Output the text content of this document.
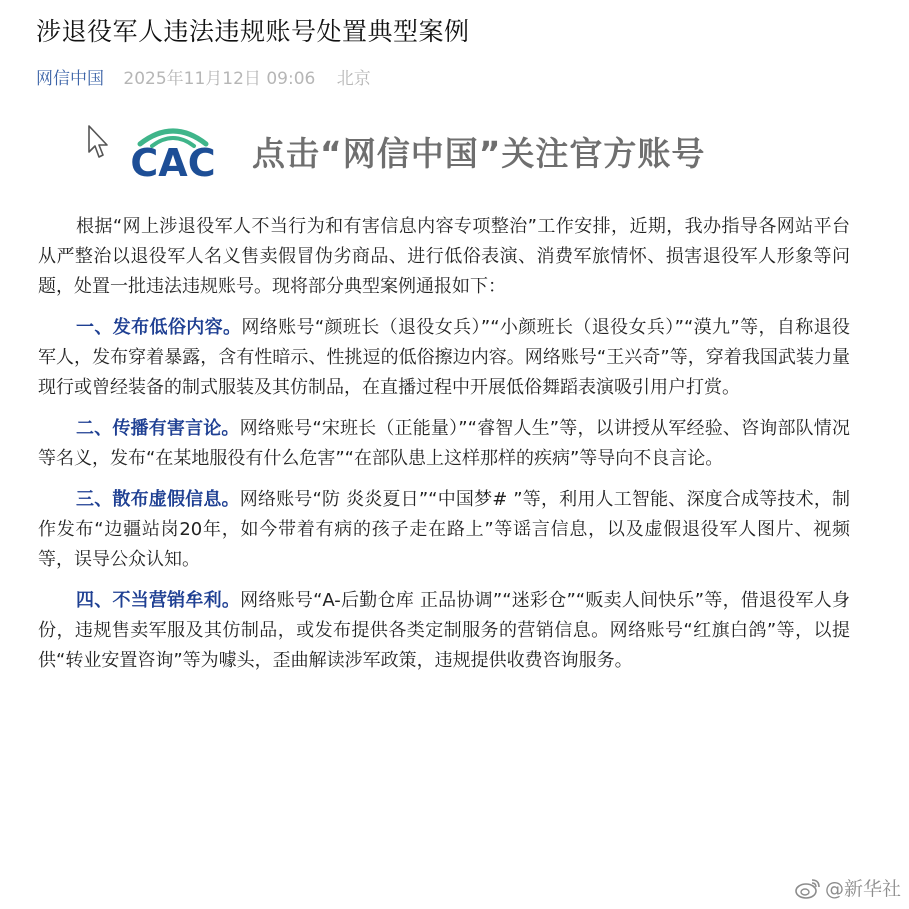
涉退役军人违法违规账号处置典型案例
网信中国 2025年11月12日 09:06 北京
CAC 点击“网信中国”关注官方账号

根据“网上涉退役军人不当行为和有害信息内容专项整治”工作安排，近期，我办指导各网站平台从严整治以退役军人名义售卖假冒伪劣商品、进行低俗表演、消费军旅情怀、损害退役军人形象等问题，处置一批违法违规账号。现将部分典型案例通报如下：

一、发布低俗内容。网络账号“颜班长（退役女兵）”“小颜班长（退役女兵）”“漠九”等，自称退役军人，发布穿着暴露，含有性暗示、性挑逗的低俗擦边内容。网络账号“王兴奇”等，穿着我国武装力量现行或曾经装备的制式服装及其仿制品，在直播过程中开展低俗舞蹈表演吸引用户打赏。

二、传播有害言论。网络账号“宋班长（正能量）”“睿智人生”等，以讲授从军经验、咨询部队情况等名义，发布“在某地服役有什么危害”“在部队患上这样那样的疾病”等导向不良言论。

三、散布虚假信息。网络账号“防 炎炎夏日”“中国梦# ”等，利用人工智能、深度合成等技术，制作发布“边疆站岗20年，如今带着有病的孩子走在路上”等谣言信息，以及虚假退役军人图片、视频等，误导公众认知。

四、不当营销牟利。网络账号“A-后勤仓库 正品协调”“迷彩仓”“贩卖人间快乐”等，借退役军人身份，违规售卖军服及其仿制品，或发布提供各类定制服务的营销信息。网络账号“红旗白鸽”等，以提供“转业安置咨询”等为噱头，歪曲解读涉军政策，违规提供收费咨询服务。

@新华社
